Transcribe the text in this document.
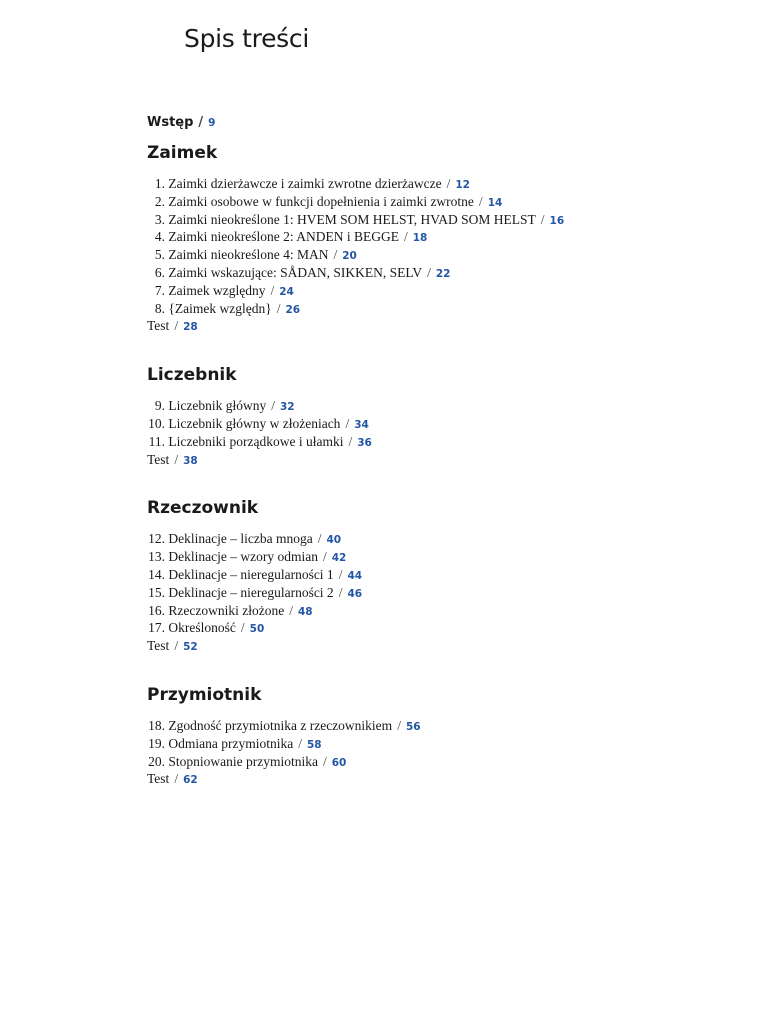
Spis treści
Wstęp / 9
Zaimek
1. Zaimki dzierżawcze i zaimki zwrotne dzierżawcze / 12
2. Zaimki osobowe w funkcji dopełnienia i zaimki zwrotne / 14
3. Zaimki nieokreślone 1: HVEM SOM HELST, HVAD SOM HELST / 16
4. Zaimki nieokreślone 2: ANDEN i BEGGE / 18
5. Zaimki nieokreślone 4: MAN / 20
6. Zaimki wskazujące: SÅDAN, SIKKEN, SELV / 22
7. Zaimek względny / 24
8. {Zaimek względn} / 26
Test / 28
Liczebnik
9. Liczebnik główny / 32
10. Liczebnik główny w złożeniach / 34
11. Liczebniki porządkowe i ułamki / 36
Test / 38
Rzeczownik
12. Deklinacje – liczba mnoga / 40
13. Deklinacje – wzory odmian / 42
14. Deklinacje – nieregularności 1 / 44
15. Deklinacje – nieregularności 2 / 46
16. Rzeczowniki złożone / 48
17. Określoność / 50
Test / 52
Przymiotnik
18. Zgodność przymiotnika z rzeczownikiem / 56
19. Odmiana przymiotnika / 58
20. Stopniowanie przymiotnika / 60
Test / 62
